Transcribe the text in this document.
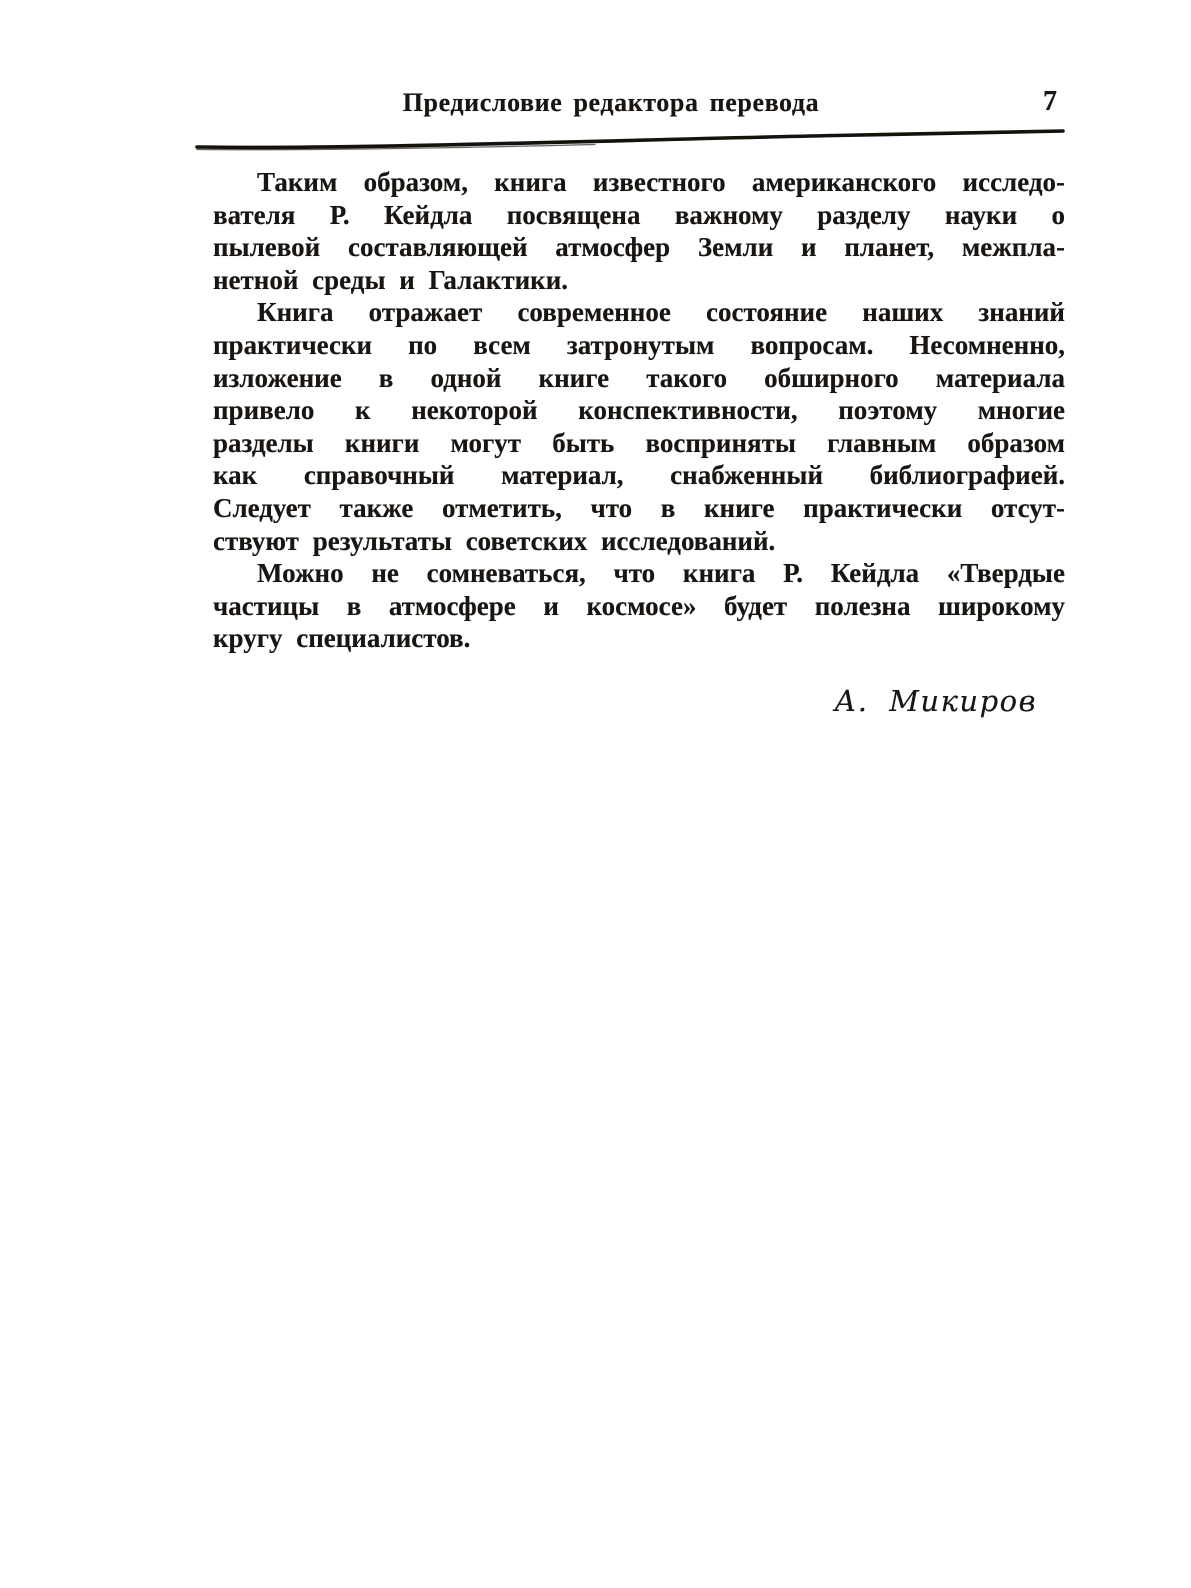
Предисловие редактора перевода	7
Таким образом, книга известного американского исследо-
вателя Р. Кейдла посвящена важному разделу науки о
пылевой составляющей атмосфер Земли и планет, межпла-
нетной среды и Галактики.
Книга отражает современное состояние наших знаний
практически по всем затронутым вопросам. Несомненно,
изложение в одной книге такого обширного материала
привело к некоторой конспективности, поэтому многие
разделы книги могут быть восприняты главным образом
как справочный материал, снабженный библиографией.
Следует также отметить, что в книге практически отсут-
ствуют результаты советских исследований.
Можно не сомневаться, что книга Р. Кейдла «Твердые
частицы в атмосфере и космосе» будет полезна широкому
кругу специалистов.
А. Микиров
